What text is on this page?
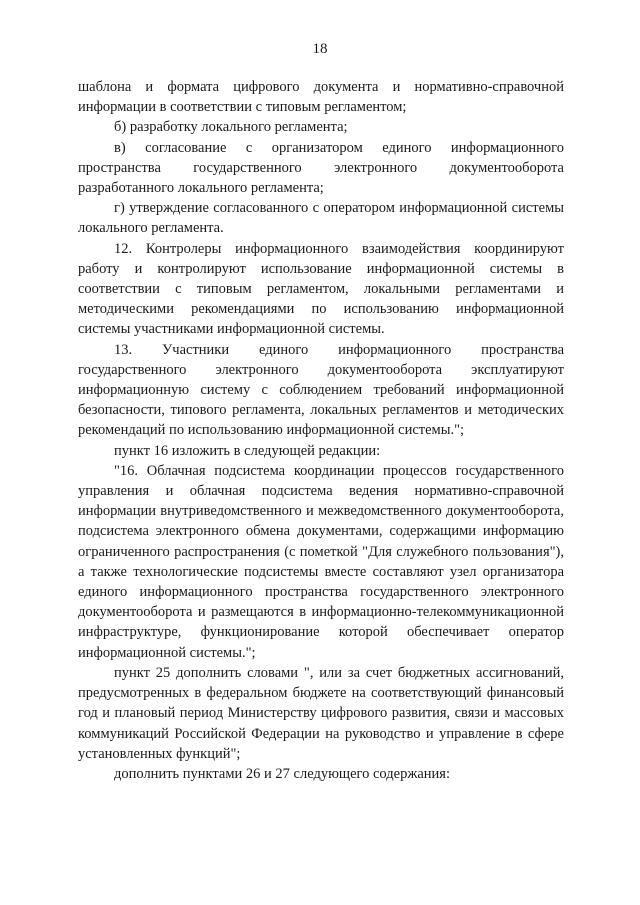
18

шаблона и формата цифрового документа и нормативно-справочной информации в соответствии с типовым регламентом;

б) разработку локального регламента;

в) согласование с организатором единого информационного пространства государственного электронного документооборота разработанного локального регламента;

г) утверждение согласованного с оператором информационной системы локального регламента.

12. Контролеры информационного взаимодействия координируют работу и контролируют использование информационной системы в соответствии с типовым регламентом, локальными регламентами и методическими рекомендациями по использованию информационной системы участниками информационной системы.

13. Участники единого информационного пространства государственного электронного документооборота эксплуатируют информационную систему с соблюдением требований информационной безопасности, типового регламента, локальных регламентов и методических рекомендаций по использованию информационной системы.";

пункт 16 изложить в следующей редакции:

"16. Облачная подсистема координации процессов государственного управления и облачная подсистема ведения нормативно-справочной информации внутриведомственного и межведомственного документооборота, подсистема электронного обмена документами, содержащими информацию ограниченного распространения (с пометкой "Для служебного пользования"), а также технологические подсистемы вместе составляют узел организатора единого информационного пространства государственного электронного документооборота и размещаются в информационно-телекоммуникационной инфраструктуре, функционирование которой обеспечивает оператор информационной системы.";

пункт 25 дополнить словами ", или за счет бюджетных ассигнований, предусмотренных в федеральном бюджете на соответствующий финансовый год и плановый период Министерству цифрового развития, связи и массовых коммуникаций Российской Федерации на руководство и управление в сфере установленных функций";

дополнить пунктами 26 и 27 следующего содержания:
